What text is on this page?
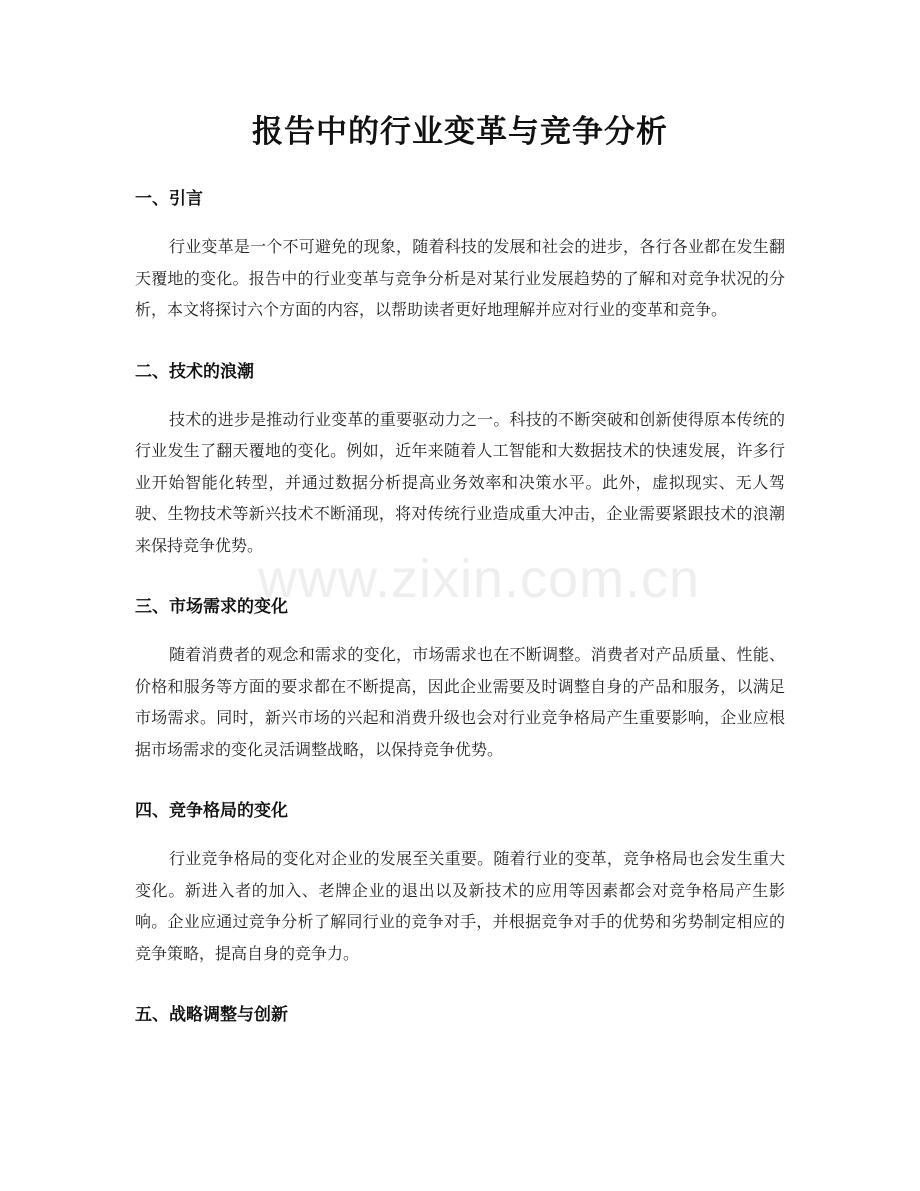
报告中的行业变革与竞争分析
一、引言

行业变革是一个不可避免的现象，随着科技的发展和社会的进步，各行各业都在发生翻天覆地的变化。报告中的行业变革与竞争分析是对某行业发展趋势的了解和对竞争状况的分析，本文将探讨六个方面的内容，以帮助读者更好地理解并应对行业的变革和竞争。

二、技术的浪潮

技术的进步是推动行业变革的重要驱动力之一。科技的不断突破和创新使得原本传统的行业发生了翻天覆地的变化。例如，近年来随着人工智能和大数据技术的快速发展，许多行业开始智能化转型，并通过数据分析提高业务效率和决策水平。此外，虚拟现实、无人驾驶、生物技术等新兴技术不断涌现，将对传统行业造成重大冲击，企业需要紧跟技术的浪潮来保持竞争优势。

三、市场需求的变化

随着消费者的观念和需求的变化，市场需求也在不断调整。消费者对产品质量、性能、价格和服务等方面的要求都在不断提高，因此企业需要及时调整自身的产品和服务，以满足市场需求。同时，新兴市场的兴起和消费升级也会对行业竞争格局产生重要影响，企业应根据市场需求的变化灵活调整战略，以保持竞争优势。

四、竞争格局的变化

行业竞争格局的变化对企业的发展至关重要。随着行业的变革，竞争格局也会发生重大变化。新进入者的加入、老牌企业的退出以及新技术的应用等因素都会对竞争格局产生影响。企业应通过竞争分析了解同行业的竞争对手，并根据竞争对手的优势和劣势制定相应的竞争策略，提高自身的竞争力。

五、战略调整与创新
www.zixin.com.cn
